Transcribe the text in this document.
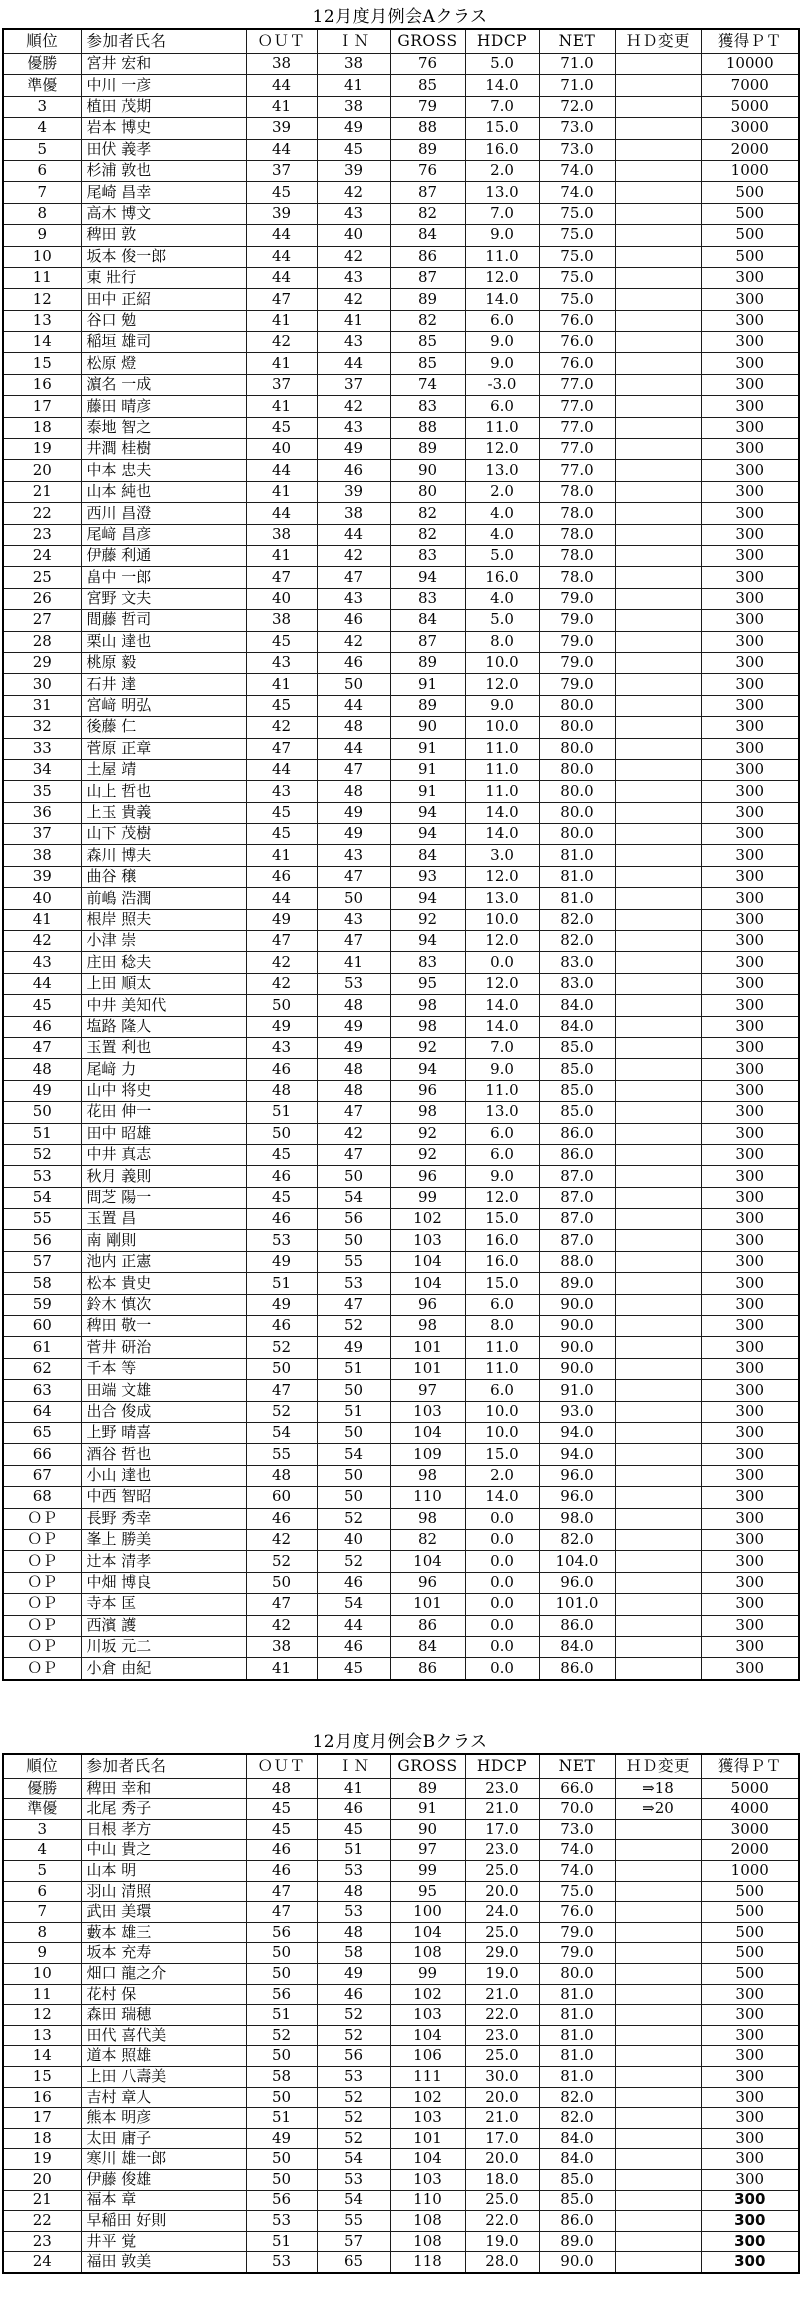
12月度月例会Aクラス
順位	参加者氏名	ＯＵＴ	ＩＮ	GROSS	HDCP	NET	ＨＤ変更	獲得ＰＴ
優勝	宮井 宏和	38	38	76	5.0	71.0		10000
準優	中川 一彦	44	41	85	14.0	71.0		7000
3	植田 茂期	41	38	79	7.0	72.0		5000
4	岩本 博史	39	49	88	15.0	73.0		3000
5	田伏 義孝	44	45	89	16.0	73.0		2000
6	杉浦 敦也	37	39	76	2.0	74.0		1000
7	尾崎 昌幸	45	42	87	13.0	74.0		500
8	高木 博文	39	43	82	7.0	75.0		500
9	稗田 敦	44	40	84	9.0	75.0		500
10	坂本 俊一郎	44	42	86	11.0	75.0		500
11	東 壯行	44	43	87	12.0	75.0		300
12	田中 正紹	47	42	89	14.0	75.0		300
13	谷口 勉	41	41	82	6.0	76.0		300
14	稲垣 雄司	42	43	85	9.0	76.0		300
15	松原 燈	41	44	85	9.0	76.0		300
16	濵名 一成	37	37	74	-3.0	77.0		300
17	藤田 晴彦	41	42	83	6.0	77.0		300
18	泰地 智之	45	43	88	11.0	77.0		300
19	井澗 桂樹	40	49	89	12.0	77.0		300
20	中本 忠夫	44	46	90	13.0	77.0		300
21	山本 純也	41	39	80	2.0	78.0		300
22	西川 昌澄	44	38	82	4.0	78.0		300
23	尾﨑 昌彦	38	44	82	4.0	78.0		300
24	伊藤 利通	41	42	83	5.0	78.0		300
25	畠中 一郎	47	47	94	16.0	78.0		300
26	宮野 文夫	40	43	83	4.0	79.0		300
27	間藤 哲司	38	46	84	5.0	79.0		300
28	栗山 達也	45	42	87	8.0	79.0		300
29	桃原 毅	43	46	89	10.0	79.0		300
30	石井 達	41	50	91	12.0	79.0		300
31	宮﨑 明弘	45	44	89	9.0	80.0		300
32	後藤 仁	42	48	90	10.0	80.0		300
33	菅原 正章	47	44	91	11.0	80.0		300
34	土屋 靖	44	47	91	11.0	80.0		300
35	山上 哲也	43	48	91	11.0	80.0		300
36	上玉 貴義	45	49	94	14.0	80.0		300
37	山下 茂樹	45	49	94	14.0	80.0		300
38	森川 博夫	41	43	84	3.0	81.0		300
39	曲谷 穣	46	47	93	12.0	81.0		300
40	前嶋 浩潤	44	50	94	13.0	81.0		300
41	根岸 照夫	49	43	92	10.0	82.0		300
42	小津 崇	47	47	94	12.0	82.0		300
43	庄田 稔夫	42	41	83	0.0	83.0		300
44	上田 順太	42	53	95	12.0	83.0		300
45	中井 美知代	50	48	98	14.0	84.0		300
46	塩路 隆人	49	49	98	14.0	84.0		300
47	玉置 利也	43	49	92	7.0	85.0		300
48	尾﨑 力	46	48	94	9.0	85.0		300
49	山中 将史	48	48	96	11.0	85.0		300
50	花田 伸一	51	47	98	13.0	85.0		300
51	田中 昭雄	50	42	92	6.0	86.0		300
52	中井 真志	45	47	92	6.0	86.0		300
53	秋月 義則	46	50	96	9.0	87.0		300
54	問芝 陽一	45	54	99	12.0	87.0		300
55	玉置 昌	46	56	102	15.0	87.0		300
56	南 剛則	53	50	103	16.0	87.0		300
57	池内 正憲	49	55	104	16.0	88.0		300
58	松本 貴史	51	53	104	15.0	89.0		300
59	鈴木 慎次	49	47	96	6.0	90.0		300
60	稗田 敬一	46	52	98	8.0	90.0		300
61	菅井 研治	52	49	101	11.0	90.0		300
62	千本 等	50	51	101	11.0	90.0		300
63	田端 文雄	47	50	97	6.0	91.0		300
64	出合 俊成	52	51	103	10.0	93.0		300
65	上野 晴喜	54	50	104	10.0	94.0		300
66	酒谷 哲也	55	54	109	15.0	94.0		300
67	小山 達也	48	50	98	2.0	96.0		300
68	中西 智昭	60	50	110	14.0	96.0		300
ＯＰ	長野 秀幸	46	52	98	0.0	98.0		300
ＯＰ	峯上 勝美	42	40	82	0.0	82.0		300
ＯＰ	辻本 清孝	52	52	104	0.0	104.0		300
ＯＰ	中畑 博良	50	46	96	0.0	96.0		300
ＯＰ	寺本 匡	47	54	101	0.0	101.0		300
ＯＰ	西濱 護	42	44	86	0.0	86.0		300
ＯＰ	川坂 元二	38	46	84	0.0	84.0		300
ＯＰ	小倉 由紀	41	45	86	0.0	86.0		300
12月度月例会Bクラス
順位	参加者氏名	ＯＵＴ	ＩＮ	GROSS	HDCP	NET	ＨＤ変更	獲得ＰＴ
優勝	稗田 幸和	48	41	89	23.0	66.0	⇒18	5000
準優	北尾 秀子	45	46	91	21.0	70.0	⇒20	4000
3	日根 孝方	45	45	90	17.0	73.0		3000
4	中山 貴之	46	51	97	23.0	74.0		2000
5	山本 明	46	53	99	25.0	74.0		1000
6	羽山 清照	47	48	95	20.0	75.0		500
7	武田 美環	47	53	100	24.0	76.0		500
8	藪本 雄三	56	48	104	25.0	79.0		500
9	坂本 充寿	50	58	108	29.0	79.0		500
10	畑口 龍之介	50	49	99	19.0	80.0		500
11	花村 保	56	46	102	21.0	81.0		300
12	森田 瑞穂	51	52	103	22.0	81.0		300
13	田代 喜代美	52	52	104	23.0	81.0		300
14	道本 照雄	50	56	106	25.0	81.0		300
15	上田 八壽美	58	53	111	30.0	81.0		300
16	吉村 章人	50	52	102	20.0	82.0		300
17	熊本 明彦	51	52	103	21.0	82.0		300
18	太田 庸子	49	52	101	17.0	84.0		300
19	寒川 雄一郎	50	54	104	20.0	84.0		300
20	伊藤 俊雄	50	53	103	18.0	85.0		300
21	福本 章	56	54	110	25.0	85.0		300
22	早稲田 好則	53	55	108	22.0	86.0		300
23	井平 覚	51	57	108	19.0	89.0		300
24	福田 敦美	53	65	118	28.0	90.0		300
